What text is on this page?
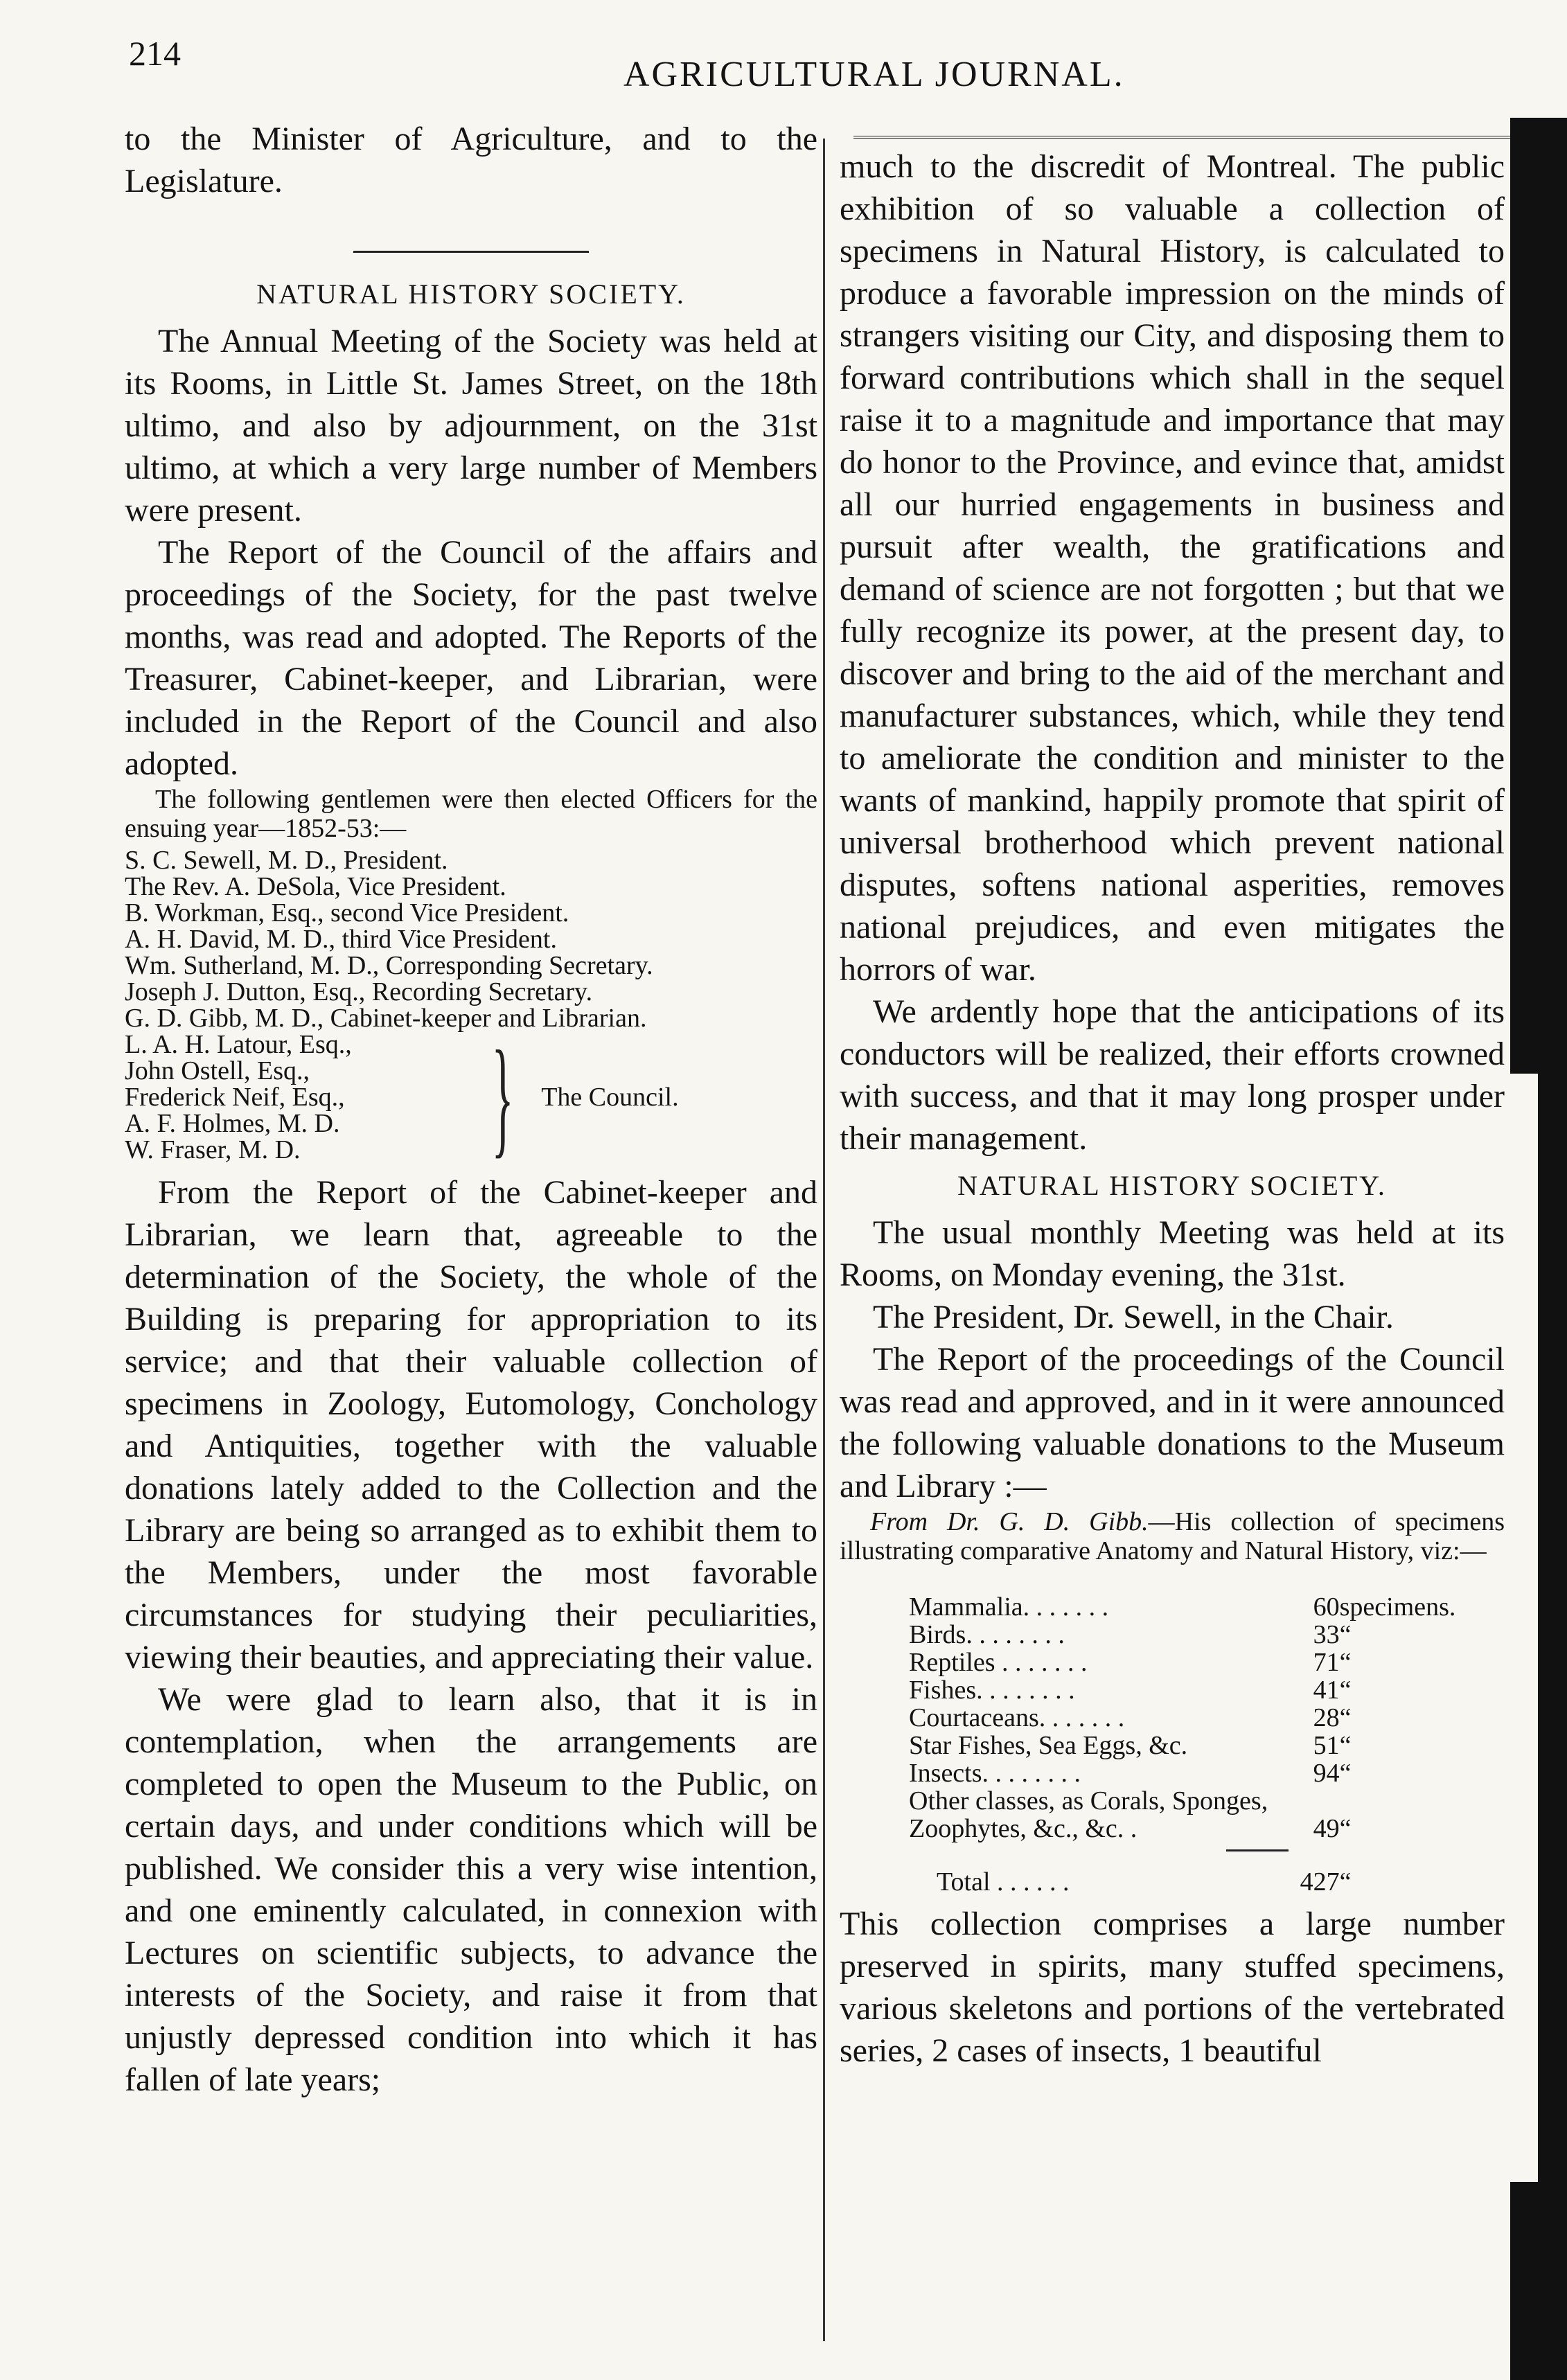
214
AGRICULTURAL JOURNAL.

to the Minister of Agriculture, and to the Legislature.

NATURAL HISTORY SOCIETY.

The Annual Meeting of the Society was held at its Rooms, in Little St. James Street, on the 18th ultimo, and also by adjournment, on the 31st ultimo, at which a very large number of Members were present.

The Report of the Council of the affairs and proceedings of the Society, for the past twelve months, was read and adopted. The Reports of the Treasurer, Cabinet-keeper, and Librarian, were included in the Report of the Council and also adopted.

The following gentlemen were then elected Officers for the ensuing year—1852-53:—
S. C. Sewell, M. D., President.
The Rev. A. DeSola, Vice President.
B. Workman, Esq., second Vice President.
A. H. David, M. D., third Vice President.
Wm. Sutherland, M. D., Corresponding Secretary.
Joseph J. Dutton, Esq., Recording Secretary.
G. D. Gibb, M. D., Cabinet-keeper and Librarian.
L. A. H. Latour, Esq.,
John Ostell, Esq.,
Frederick Neif, Esq.,
A. F. Holmes, M. D.
W. Fraser, M. D.	} The Council.

From the Report of the Cabinet-keeper and Librarian, we learn that, agreeable to the determination of the Society, the whole of the Building is preparing for appropriation to its service; and that their valuable collection of specimens in Zoology, Eutomology, Conchology and Antiquities, together with the valuable donations lately added to the Collection and the Library are being so arranged as to exhibit them to the Members, under the most favorable circumstances for studying their peculiarities, viewing their beauties, and appreciating their value.

We were glad to learn also, that it is in contemplation, when the arrangements are completed to open the Museum to the Public, on certain days, and under conditions which will be published. We consider this a very wise intention, and one eminently calculated, in connexion with Lectures on scientific subjects, to advance the interests of the Society, and raise it from that unjustly depressed condition into which it has fallen of late years;

much to the discredit of Montreal. The public exhibition of so valuable a collection of specimens in Natural History, is calculated to produce a favorable impression on the minds of strangers visiting our City, and disposing them to forward contributions which shall in the sequel raise it to a magnitude and importance that may do honor to the Province, and evince that, amidst all our hurried engagements in business and pursuit after wealth, the gratifications and demand of science are not forgotten ; but that we fully recognize its power, at the present day, to discover and bring to the aid of the merchant and manufacturer substances, which, while they tend to ameliorate the condition and minister to the wants of mankind, happily promote that spirit of universal brotherhood which prevent national disputes, softens national asperities, removes national prejudices, and even mitigates the horrors of war.

We ardently hope that the anticipations of its conductors will be realized, their efforts crowned with success, and that it may long prosper under their management.

NATURAL HISTORY SOCIETY.

The usual monthly Meeting was held at its Rooms, on Monday evening, the 31st.

The President, Dr. Sewell, in the Chair.

The Report of the proceedings of the Council was read and approved, and in it were announced the following valuable donations to the Museum and Library :—

From Dr. G. D. Gibb.—His collection of specimens illustrating comparative Anatomy and Natural History, viz:—
Mammalia. . . . . . .	60	specimens.
Birds. . . . . . . .	33	“
Reptiles . . . . . . .	71	“
Fishes. . . . . . . .	41	“
Courtaceans. . . . . . .	28	“
Star Fishes, Sea Eggs, &c.	51	“
Insects. . . . . . . .	94	“
Other classes, as Corals, Sponges, Zoophytes, &c., &c. .	49	“

Total . . . . . .	427	“

This collection comprises a large number preserved in spirits, many stuffed specimens, various skeletons and portions of the vertebrated series, 2 cases of insects, 1 beautiful
